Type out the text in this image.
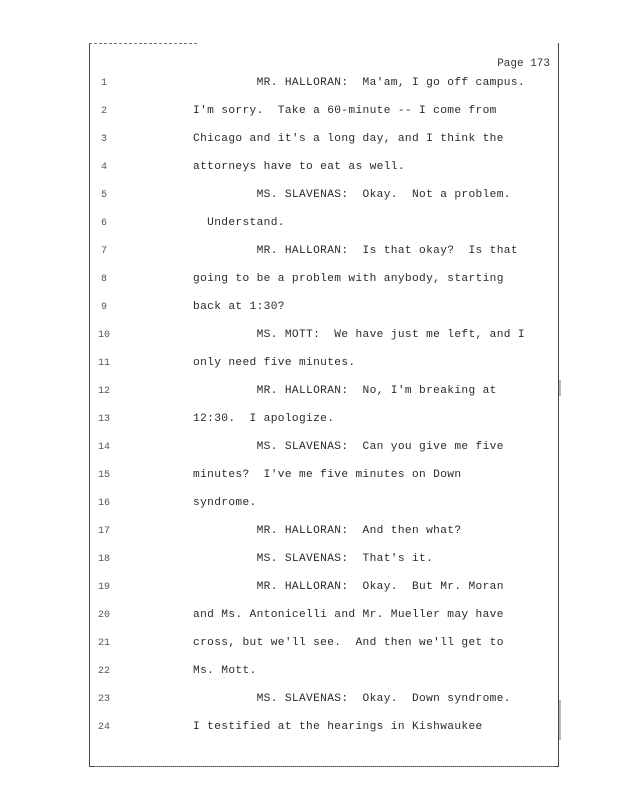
Page 173
1	MR. HALLORAN:  Ma'am, I go off campus.
2	I'm sorry.  Take a 60-minute -- I come from
3	Chicago and it's a long day, and I think the
4	attorneys have to eat as well.
5	MS. SLAVENAS:  Okay.  Not a problem.
6	Understand.
7	MR. HALLORAN:  Is that okay?  Is that
8	going to be a problem with anybody, starting
9	back at 1:30?
10	MS. MOTT:  We have just me left, and I
11	only need five minutes.
12	MR. HALLORAN:  No, I'm breaking at
13	12:30.  I apologize.
14	MS. SLAVENAS:  Can you give me five
15	minutes?  I've me five minutes on Down
16	syndrome.
17	MR. HALLORAN:  And then what?
18	MS. SLAVENAS:  That's it.
19	MR. HALLORAN:  Okay.  But Mr. Moran
20	and Ms. Antonicelli and Mr. Mueller may have
21	cross, but we'll see.  And then we'll get to
22	Ms. Mott.
23	MS. SLAVENAS:  Okay.  Down syndrome.
24	I testified at the hearings in Kishwaukee
